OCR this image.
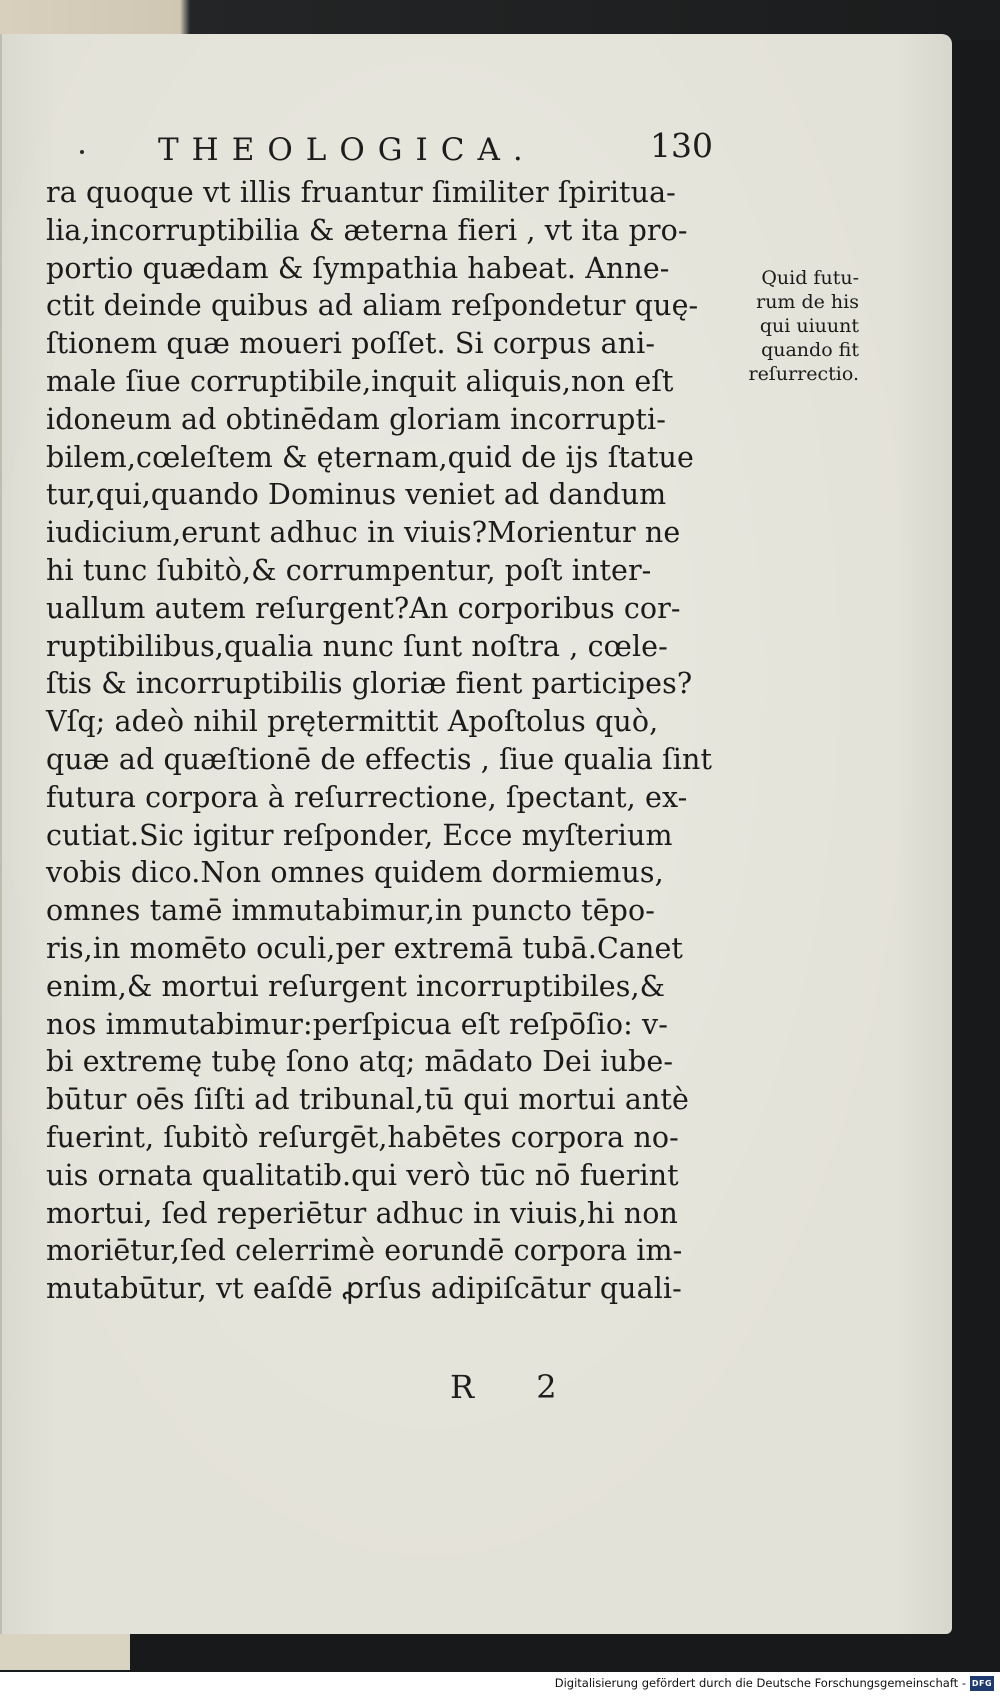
THEOLOGICA.	130
ra quoque vt illis fruantur ſimiliter ſpiritua-
lia,incorruptibilia & æterna fieri , vt ita pro-
portio quædam & ſympathia habeat. Anne-
ctit deinde quibus ad aliam reſpondetur quę-
ſtionem quæ moueri poſſet. Si corpus ani-
male ſiue corruptibile,inquit aliquis,non eſt
idoneum ad obtinēdam gloriam incorrupti-
bilem,cœleſtem & ęternam,quid de ijs ſtatue
tur,qui,quando Dominus veniet ad dandum
iudicium,erunt adhuc in viuis?Morientur ne
hi tunc ſubitò,& corrumpentur, poſt inter-
uallum autem reſurgent?An corporibus cor-
ruptibilibus,qualia nunc ſunt noſtra , cœle-
ſtis & incorruptibilis gloriæ fient participes?
Vſq; adeò nihil prętermittit Apoſtolus quò,
quæ ad quæſtionē de effectis , ſiue qualia ſint
futura corpora à reſurrectione, ſpectant, ex-
cutiat.Sic igitur reſponder, Ecce myſterium
vobis dico.Non omnes quidem dormiemus,
omnes tamē immutabimur,in puncto tēpo-
ris,in momēto oculi,per extremā tubā.Canet
enim,& mortui reſurgent incorruptibiles,&
nos immutabimur:perſpicua eſt reſpōſio: v-
bi extremę tubę ſono atq; mādato Dei iube-
būtur oēs ſiſti ad tribunal,tū qui mortui antè
fuerint, ſubitò reſurgēt,habētes corpora no-
uis ornata qualitatib.qui verò tūc nō fuerint
mortui, ſed reperiētur adhuc in viuis,hi non
moriētur,ſed celerrimè eorundē corpora im-
mutabūtur, vt eaſdē ꝓrſus adipiſcātur quali-
Quid futu-
rum de his
qui uiuunt
quando fit
reſurrectio.
R 2
Digitalisierung gefördert durch die Deutsche Forschungsgemeinschaft - DFG
